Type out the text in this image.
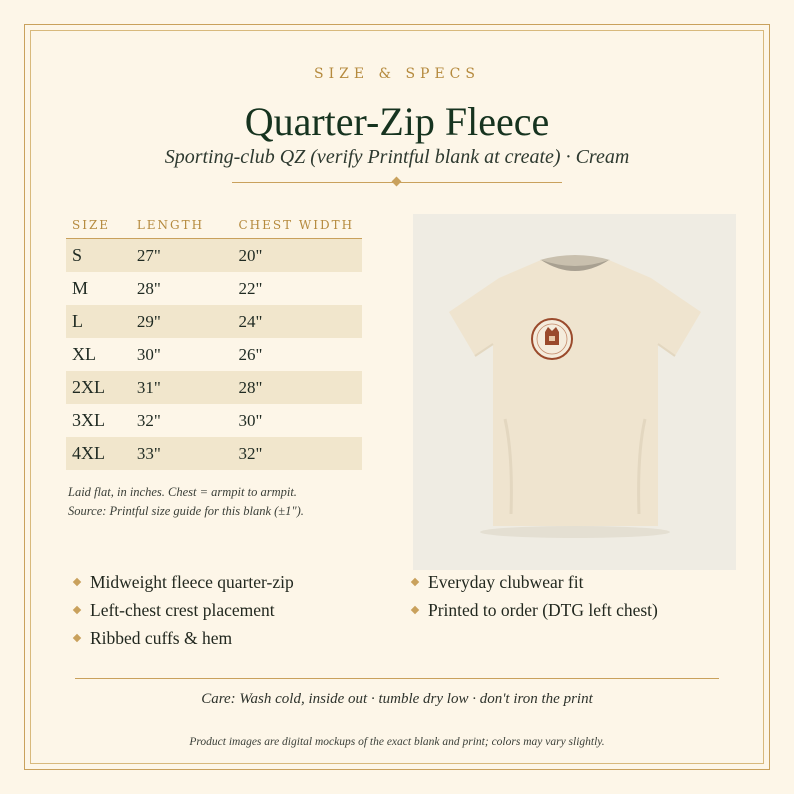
SIZE & SPECS
Quarter-Zip Fleece
Sporting-club QZ (verify Printful blank at create) · Cream
SIZE	LENGTH	CHEST WIDTH
S	27"	20"
M	28"	22"
L	29"	24"
XL	30"	26"
2XL	31"	28"
3XL	32"	30"
4XL	33"	32"
Laid flat, in inches. Chest = armpit to armpit.
Source: Printful size guide for this blank (±1").
Midweight fleece quarter-zip
Left-chest crest placement
Ribbed cuffs & hem
Everyday clubwear fit
Printed to order (DTG left chest)
Care: Wash cold, inside out · tumble dry low · don't iron the print
Product images are digital mockups of the exact blank and print; colors may vary slightly.
